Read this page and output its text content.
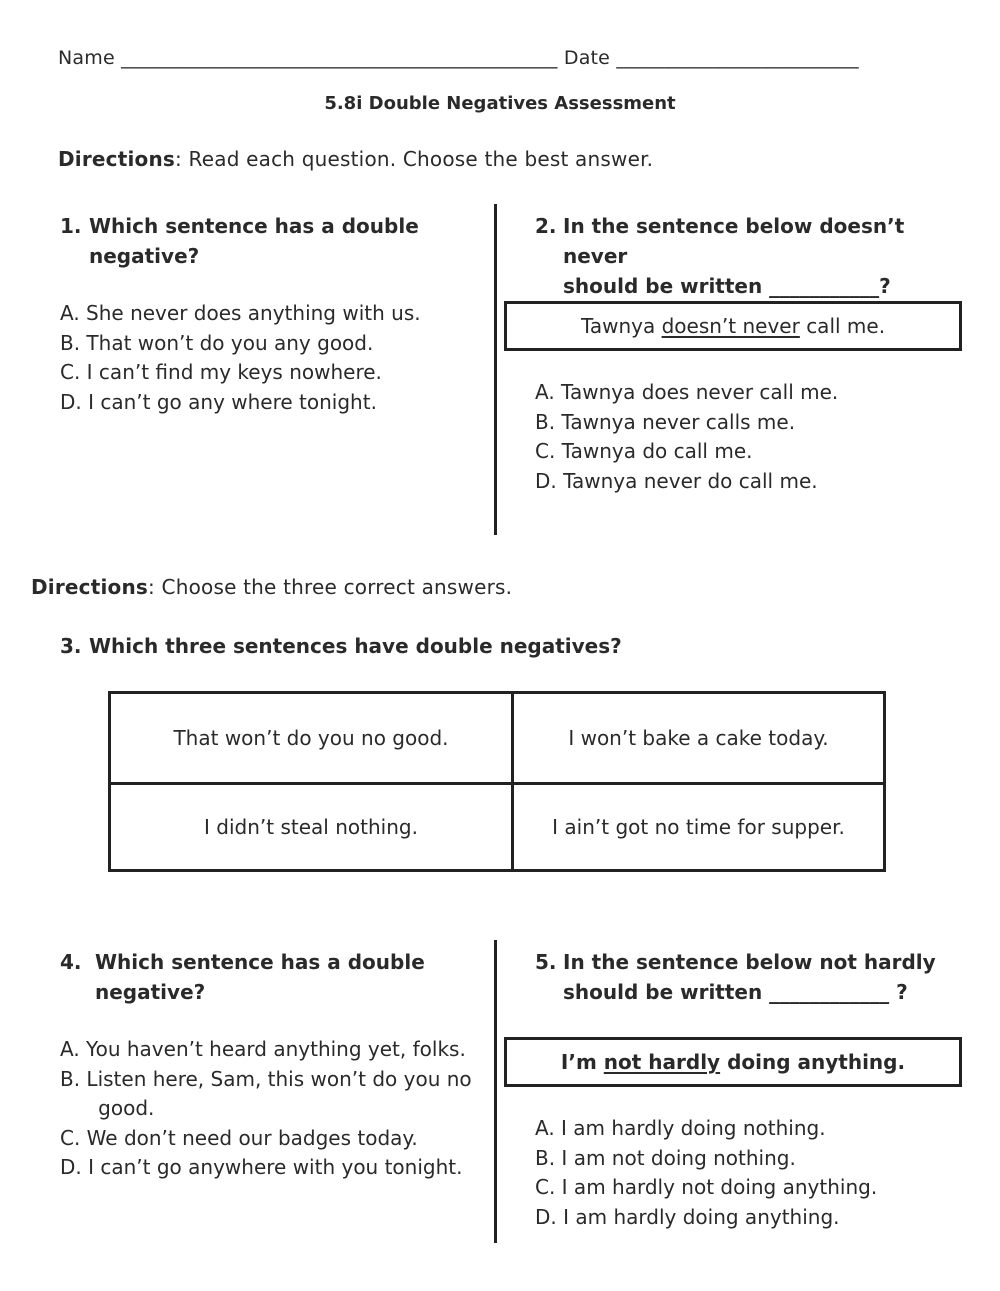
Name _____________________________________________ Date _________________________
5.8i Double Negatives Assessment
Directions: Read each question. Choose the best answer.
1. Which sentence has a double
negative?
A. She never does anything with us.
B. That won’t do you any good.
C. I can’t find my keys nowhere.
D. I can’t go any where tonight.
2. In the sentence below doesn’t never
should be written ___________?
Tawnya
doesn’t never
call me.
A. Tawnya does never call me.
B. Tawnya never calls me.
C. Tawnya do call me.
D. Tawnya never do call me.
Directions: Choose the three correct answers.
3. Which three sentences have double negatives?
That won’t do you no good.	I won’t bake a cake today.
I didn’t steal nothing.	I ain’t got no time for supper.
4. Which sentence has a double
negative?
A. You haven’t heard anything yet, folks.
B. Listen here, Sam, this won’t do you no
good.
C. We don’t need our badges today.
D. I can’t go anywhere with you tonight.
5. In the sentence below not hardly
should be written ____________ ?
I’m
not hardly
doing anything.
A. I am hardly doing nothing.
B. I am not doing nothing.
C. I am hardly not doing anything.
D. I am hardly doing anything.
